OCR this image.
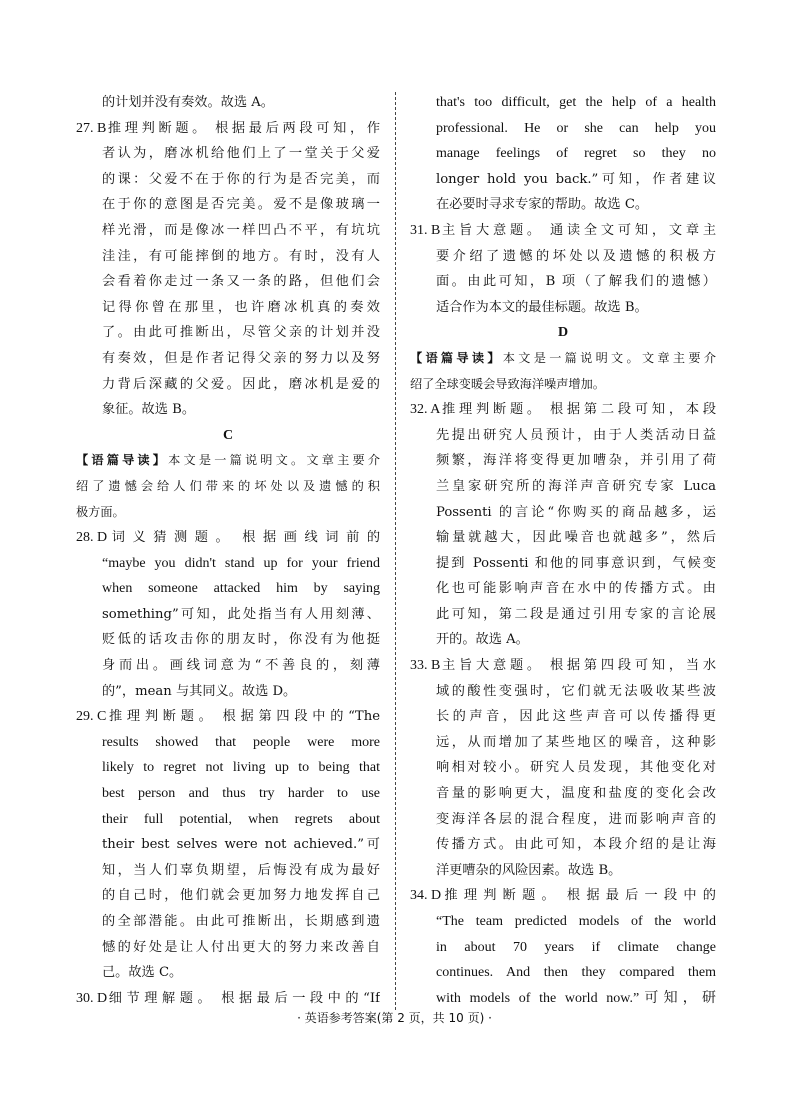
的计划并没有奏效。故选 A。
27. B 推理判断题。 根据最后两段可知，作
者认为，磨冰机给他们上了一堂关于父爱
的课：父爱不在于你的行为是否完美，而
在于你的意图是否完美。爱不是像玻璃一
样光滑，而是像冰一样凹凸不平，有坑坑
洼洼，有可能摔倒的地方。有时，没有人
会看着你走过一条又一条的路，但他们会
记得你曾在那里，也许磨冰机真的奏效
了。由此可推断出，尽管父亲的计划并没
有奏效，但是作者记得父亲的努力以及努
力背后深藏的父爱。因此，磨冰机是爱的
象征。故选 B。
C
【语篇导读】本文是一篇说明文。文章主要介
绍了遗憾会给人们带来的坏处以及遗憾的积
极方面。
28. D 词义猜测题。 根据画线词前的
“maybe you didn't stand up for your friend
when someone attacked him by saying
something”可知，此处指当有人用刻薄、
贬低的话攻击你的朋友时，你没有为他挺
身而出。画线词意为“不善良的，刻薄
的”，mean 与其同义。故选 D。
29. C 推理判断题。 根据第四段中的“The
results showed that people were more
likely to regret not living up to being that
best person and thus try harder to use
their full potential, when regrets about
their best selves were not achieved.”可
知，当人们辜负期望，后悔没有成为最好
的自己时，他们就会更加努力地发挥自己
的全部潜能。由此可推断出，长期感到遗
憾的好处是让人付出更大的努力来改善自
己。故选 C。
30. D 细节理解题。 根据最后一段中的“If
that's too difficult, get the help of a health
professional. He or she can help you
manage feelings of regret so they no
longer hold you back.”可知，作者建议
在必要时寻求专家的帮助。故选 C。
31. B 主旨大意题。 通读全文可知，文章主
要介绍了遗憾的坏处以及遗憾的积极方
面。由此可知，B 项（了解我们的遗憾）
适合作为本文的最佳标题。故选 B。
D
【语篇导读】本文是一篇说明文。文章主要介
绍了全球变暖会导致海洋噪声增加。
32. A 推理判断题。 根据第二段可知，本段
先提出研究人员预计，由于人类活动日益
频繁，海洋将变得更加嘈杂，并引用了荷
兰皇家研究所的海洋声音研究专家 Luca
Possenti 的言论“你购买的商品越多，运
输量就越大，因此噪音也就越多”，然后
提到 Possenti 和他的同事意识到，气候变
化也可能影响声音在水中的传播方式。由
此可知，第二段是通过引用专家的言论展
开的。故选 A。
33. B 主旨大意题。 根据第四段可知，当水
域的酸性变强时，它们就无法吸收某些波
长的声音，因此这些声音可以传播得更
远，从而增加了某些地区的噪音，这种影
响相对较小。研究人员发现，其他变化对
音量的影响更大，温度和盐度的变化会改
变海洋各层的混合程度，进而影响声音的
传播方式。由此可知，本段介绍的是让海
洋更嘈杂的风险因素。故选 B。
34. D 推理判断题。 根据最后一段中的
“The team predicted models of the world
in about 70 years if climate change
continues. And then they compared them
with models of the world now.”可知，研
· 英语参考答案(第 2 页，共 10 页) ·
